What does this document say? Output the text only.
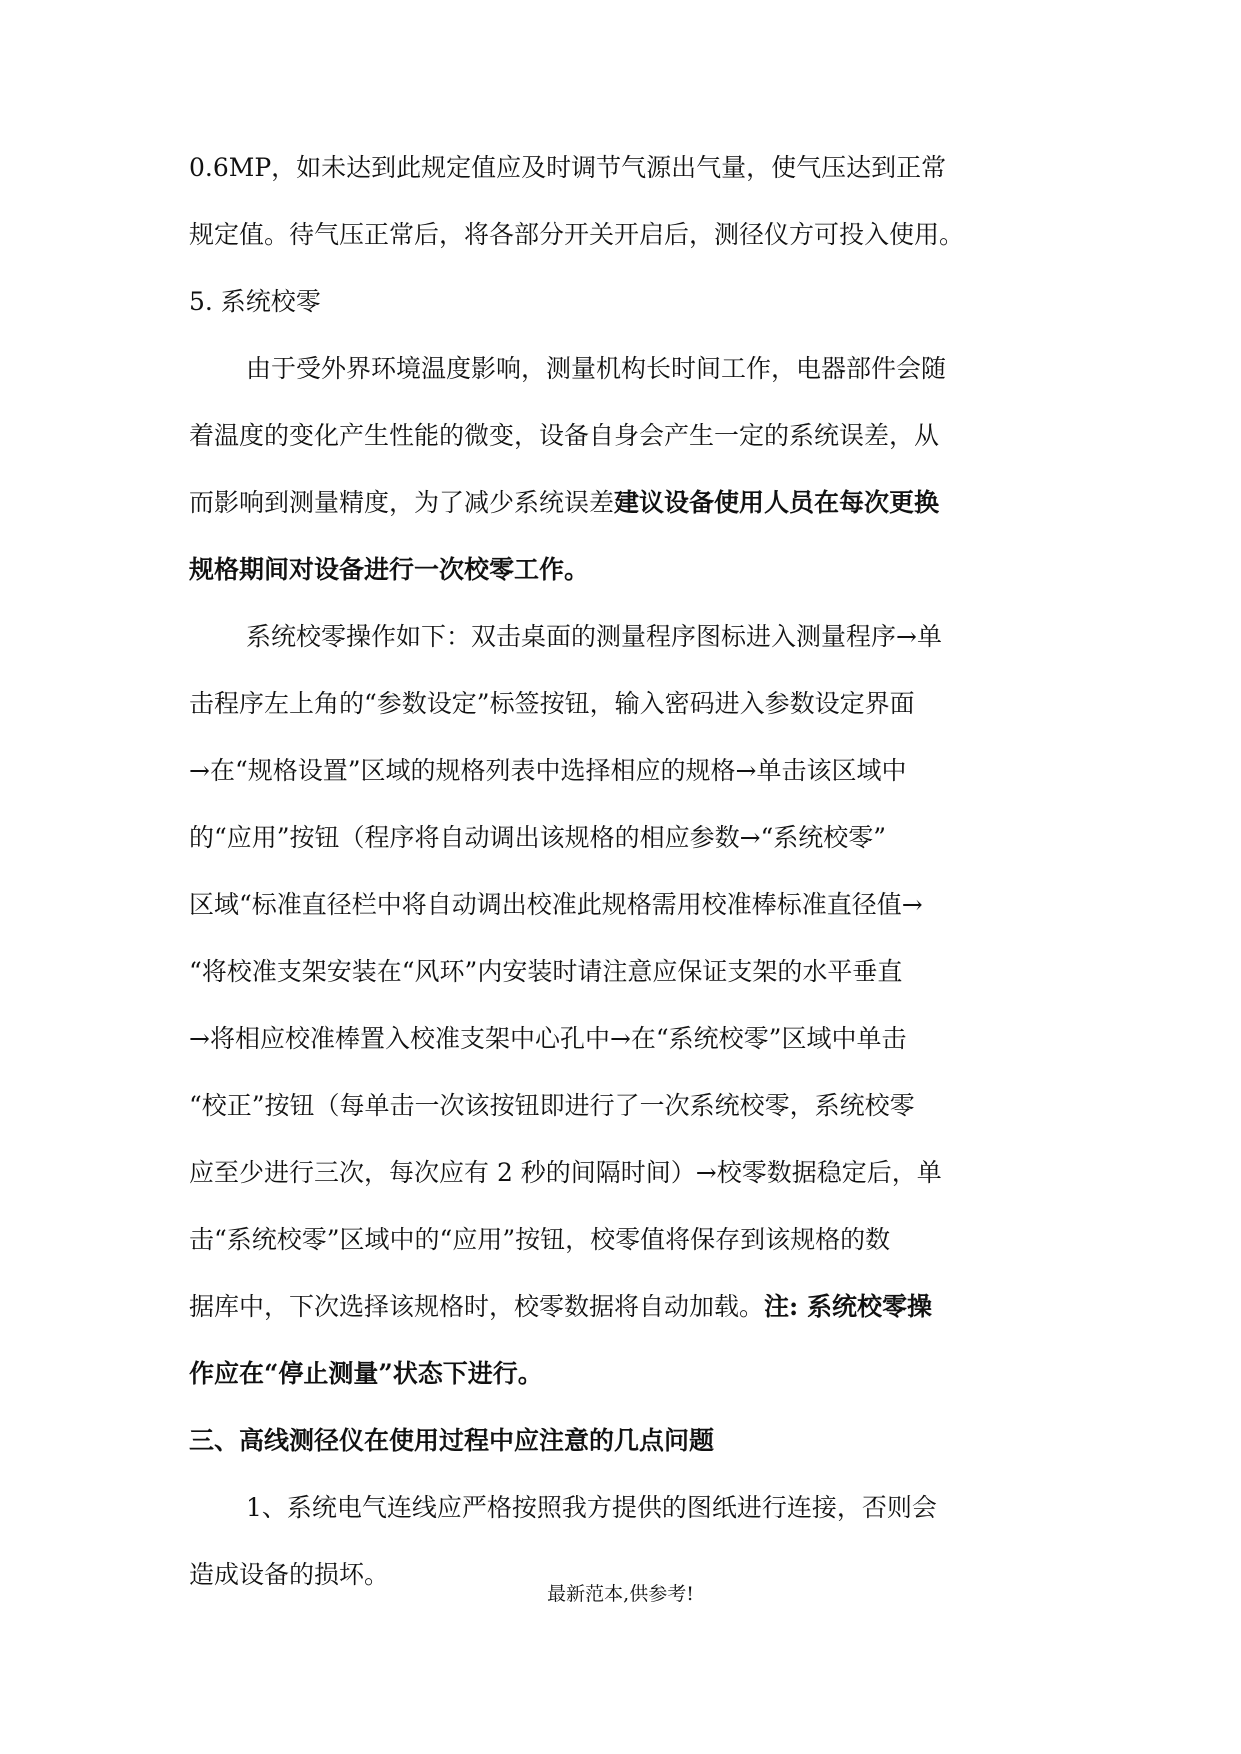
0.6MP，如未达到此规定值应及时调节气源出气量，使气压达到正常
规定值。待气压正常后，将各部分开关开启后，测径仪方可投入使用。
5. 系统校零
由于受外界环境温度影响，测量机构长时间工作，电器部件会随
着温度的变化产生性能的微变，设备自身会产生一定的系统误差，从
而影响到测量精度，为了减少系统误差建议设备使用人员在每次更换
规格期间对设备进行一次校零工作。
系统校零操作如下：双击桌面的测量程序图标进入测量程序→单
击程序左上角的“参数设定”标签按钮，输入密码进入参数设定界面
→在“规格设置”区域的规格列表中选择相应的规格→单击该区域中
的“应用”按钮（程序将自动调出该规格的相应参数→“系统校零”
区域“标准直径栏中将自动调出校准此规格需用校准棒标准直径值→
“将校准支架安装在“风环”内安装时请注意应保证支架的水平垂直
→将相应校准棒置入校准支架中心孔中→在“系统校零”区域中单击
“校正”按钮（每单击一次该按钮即进行了一次系统校零，系统校零
应至少进行三次，每次应有 2 秒的间隔时间）→校零数据稳定后，单
击“系统校零”区域中的“应用”按钮，校零值将保存到该规格的数
据库中，下次选择该规格时，校零数据将自动加载。注: 系统校零操
作应在“停止测量”状态下进行。
三、高线测径仪在使用过程中应注意的几点问题
1、系统电气连线应严格按照我方提供的图纸进行连接，否则会
造成设备的损坏。
最新范本,供参考!
